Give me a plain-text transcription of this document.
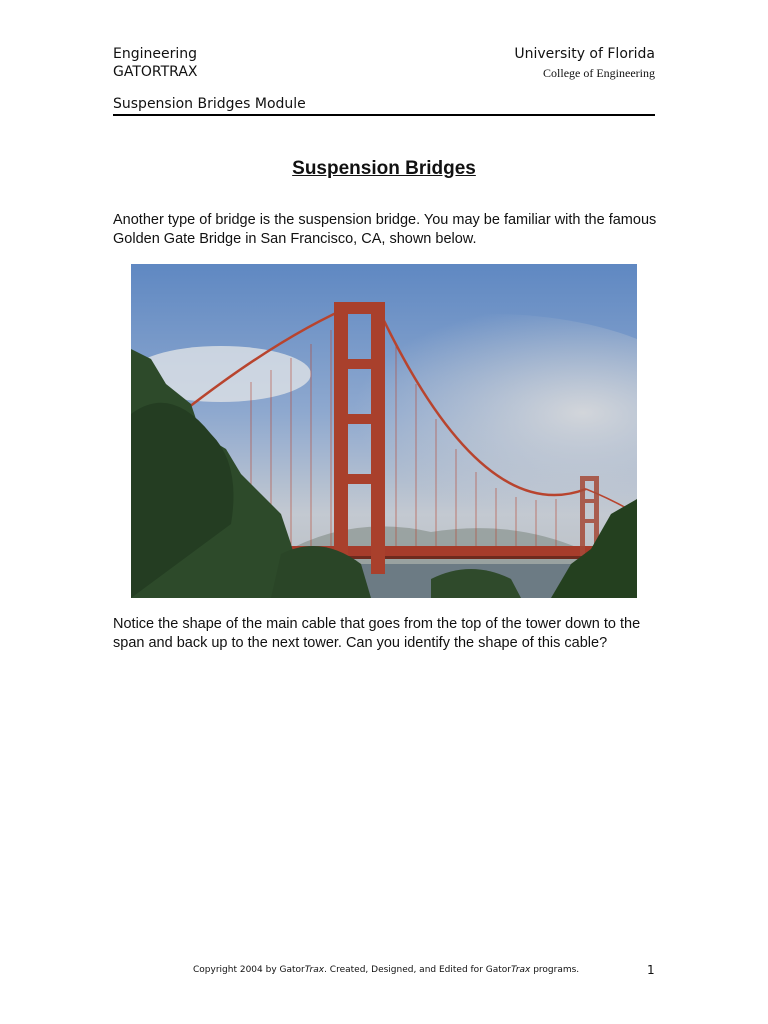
Engineering
GATORTRAX
University of Florida
College of Engineering
Suspension Bridges Module
Suspension Bridges
Another type of bridge is the suspension bridge. You may be familiar with the famous Golden Gate Bridge in San Francisco, CA, shown below.
Notice the shape of the main cable that goes from the top of the tower down to the span and back up to the next tower. Can you identify the shape of this cable?
Copyright 2004 by GatorTrax. Created, Designed, and Edited for GatorTrax programs.	1
